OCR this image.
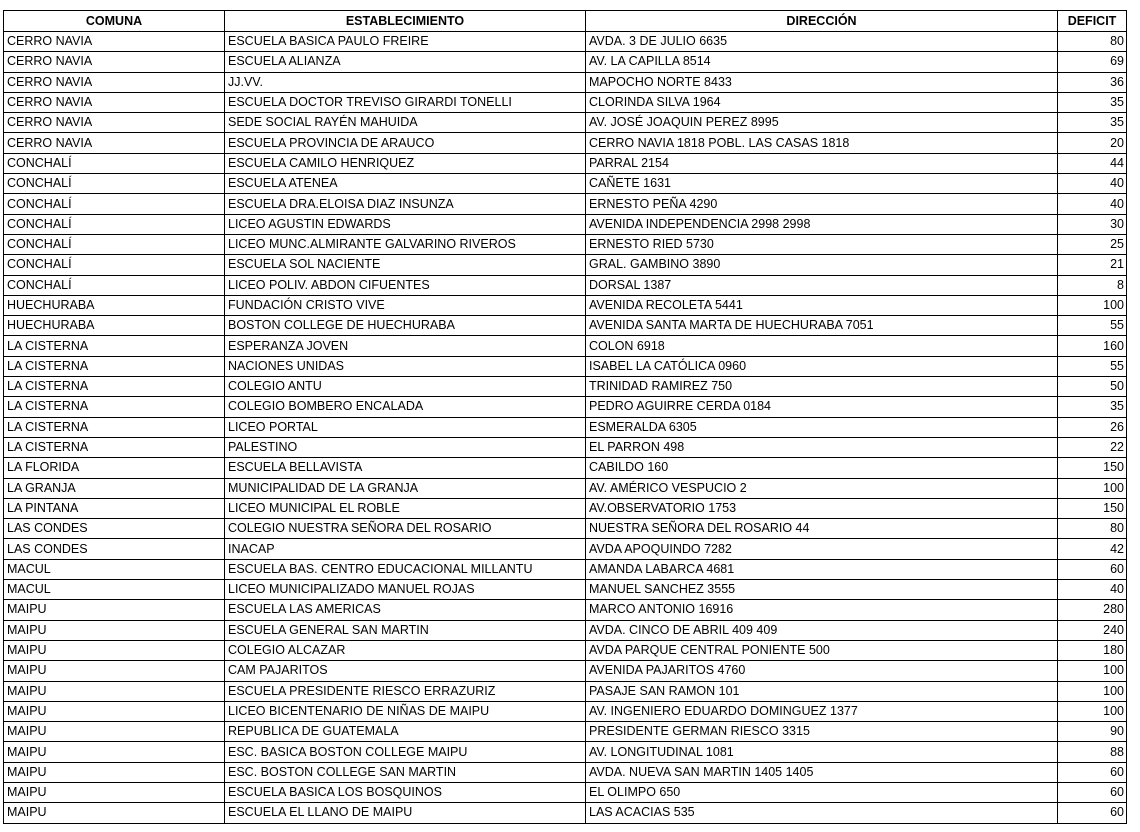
COMUNA	ESTABLECIMIENTO	DIRECCIÓN	DEFICIT
CERRO NAVIA	ESCUELA BASICA PAULO FREIRE	AVDA. 3 DE JULIO 6635	80
CERRO NAVIA	ESCUELA ALIANZA	AV. LA CAPILLA 8514	69
CERRO NAVIA	JJ.VV.	MAPOCHO NORTE 8433	36
CERRO NAVIA	ESCUELA DOCTOR TREVISO GIRARDI TONELLI	CLORINDA SILVA 1964	35
CERRO NAVIA	SEDE SOCIAL RAYÉN MAHUIDA	AV. JOSÉ JOAQUIN PEREZ 8995	35
CERRO NAVIA	ESCUELA PROVINCIA DE ARAUCO	CERRO NAVIA 1818 POBL. LAS CASAS 1818	20
CONCHALÍ	ESCUELA CAMILO HENRIQUEZ	PARRAL 2154	44
CONCHALÍ	ESCUELA ATENEA	CAÑETE 1631	40
CONCHALÍ	ESCUELA DRA.ELOISA DIAZ INSUNZA	ERNESTO PEÑA 4290	40
CONCHALÍ	LICEO AGUSTIN EDWARDS	AVENIDA INDEPENDENCIA 2998 2998	30
CONCHALÍ	LICEO MUNC.ALMIRANTE GALVARINO RIVEROS	ERNESTO RIED 5730	25
CONCHALÍ	ESCUELA SOL NACIENTE	GRAL. GAMBINO 3890	21
CONCHALÍ	LICEO POLIV. ABDON CIFUENTES	DORSAL 1387	8
HUECHURABA	FUNDACIÓN CRISTO VIVE	AVENIDA RECOLETA 5441	100
HUECHURABA	BOSTON COLLEGE DE HUECHURABA	AVENIDA SANTA MARTA DE HUECHURABA 7051	55
LA CISTERNA	ESPERANZA JOVEN	COLON 6918	160
LA CISTERNA	NACIONES UNIDAS	ISABEL LA CATÓLICA 0960	55
LA CISTERNA	COLEGIO ANTU	TRINIDAD RAMIREZ 750	50
LA CISTERNA	COLEGIO BOMBERO ENCALADA	PEDRO AGUIRRE CERDA 0184	35
LA CISTERNA	LICEO PORTAL	ESMERALDA 6305	26
LA CISTERNA	PALESTINO	EL PARRON 498	22
LA FLORIDA	ESCUELA BELLAVISTA	CABILDO 160	150
LA GRANJA	MUNICIPALIDAD DE LA GRANJA	AV. AMÉRICO VESPUCIO 2	100
LA PINTANA	LICEO MUNICIPAL EL ROBLE	AV.OBSERVATORIO 1753	150
LAS CONDES	COLEGIO NUESTRA SEÑORA DEL ROSARIO	NUESTRA SEÑORA DEL ROSARIO 44	80
LAS CONDES	INACAP	AVDA APOQUINDO 7282	42
MACUL	ESCUELA BAS. CENTRO EDUCACIONAL MILLANTU	AMANDA LABARCA 4681	60
MACUL	LICEO MUNICIPALIZADO MANUEL ROJAS	MANUEL SANCHEZ 3555	40
MAIPU	ESCUELA LAS AMERICAS	MARCO ANTONIO 16916	280
MAIPU	ESCUELA GENERAL SAN MARTIN	AVDA. CINCO DE ABRIL 409 409	240
MAIPU	COLEGIO ALCAZAR	AVDA PARQUE CENTRAL PONIENTE 500	180
MAIPU	CAM PAJARITOS	AVENIDA PAJARITOS 4760	100
MAIPU	ESCUELA PRESIDENTE RIESCO ERRAZURIZ	PASAJE SAN RAMON 101	100
MAIPU	LICEO BICENTENARIO DE NIÑAS DE MAIPU	AV. INGENIERO EDUARDO DOMINGUEZ 1377	100
MAIPU	REPUBLICA DE GUATEMALA	PRESIDENTE GERMAN RIESCO 3315	90
MAIPU	ESC. BASICA BOSTON COLLEGE MAIPU	AV. LONGITUDINAL 1081	88
MAIPU	ESC. BOSTON COLLEGE SAN MARTIN	AVDA. NUEVA SAN MARTIN 1405 1405	60
MAIPU	ESCUELA BASICA LOS BOSQUINOS	EL OLIMPO 650	60
MAIPU	ESCUELA EL LLANO DE MAIPU	LAS ACACIAS 535	60
